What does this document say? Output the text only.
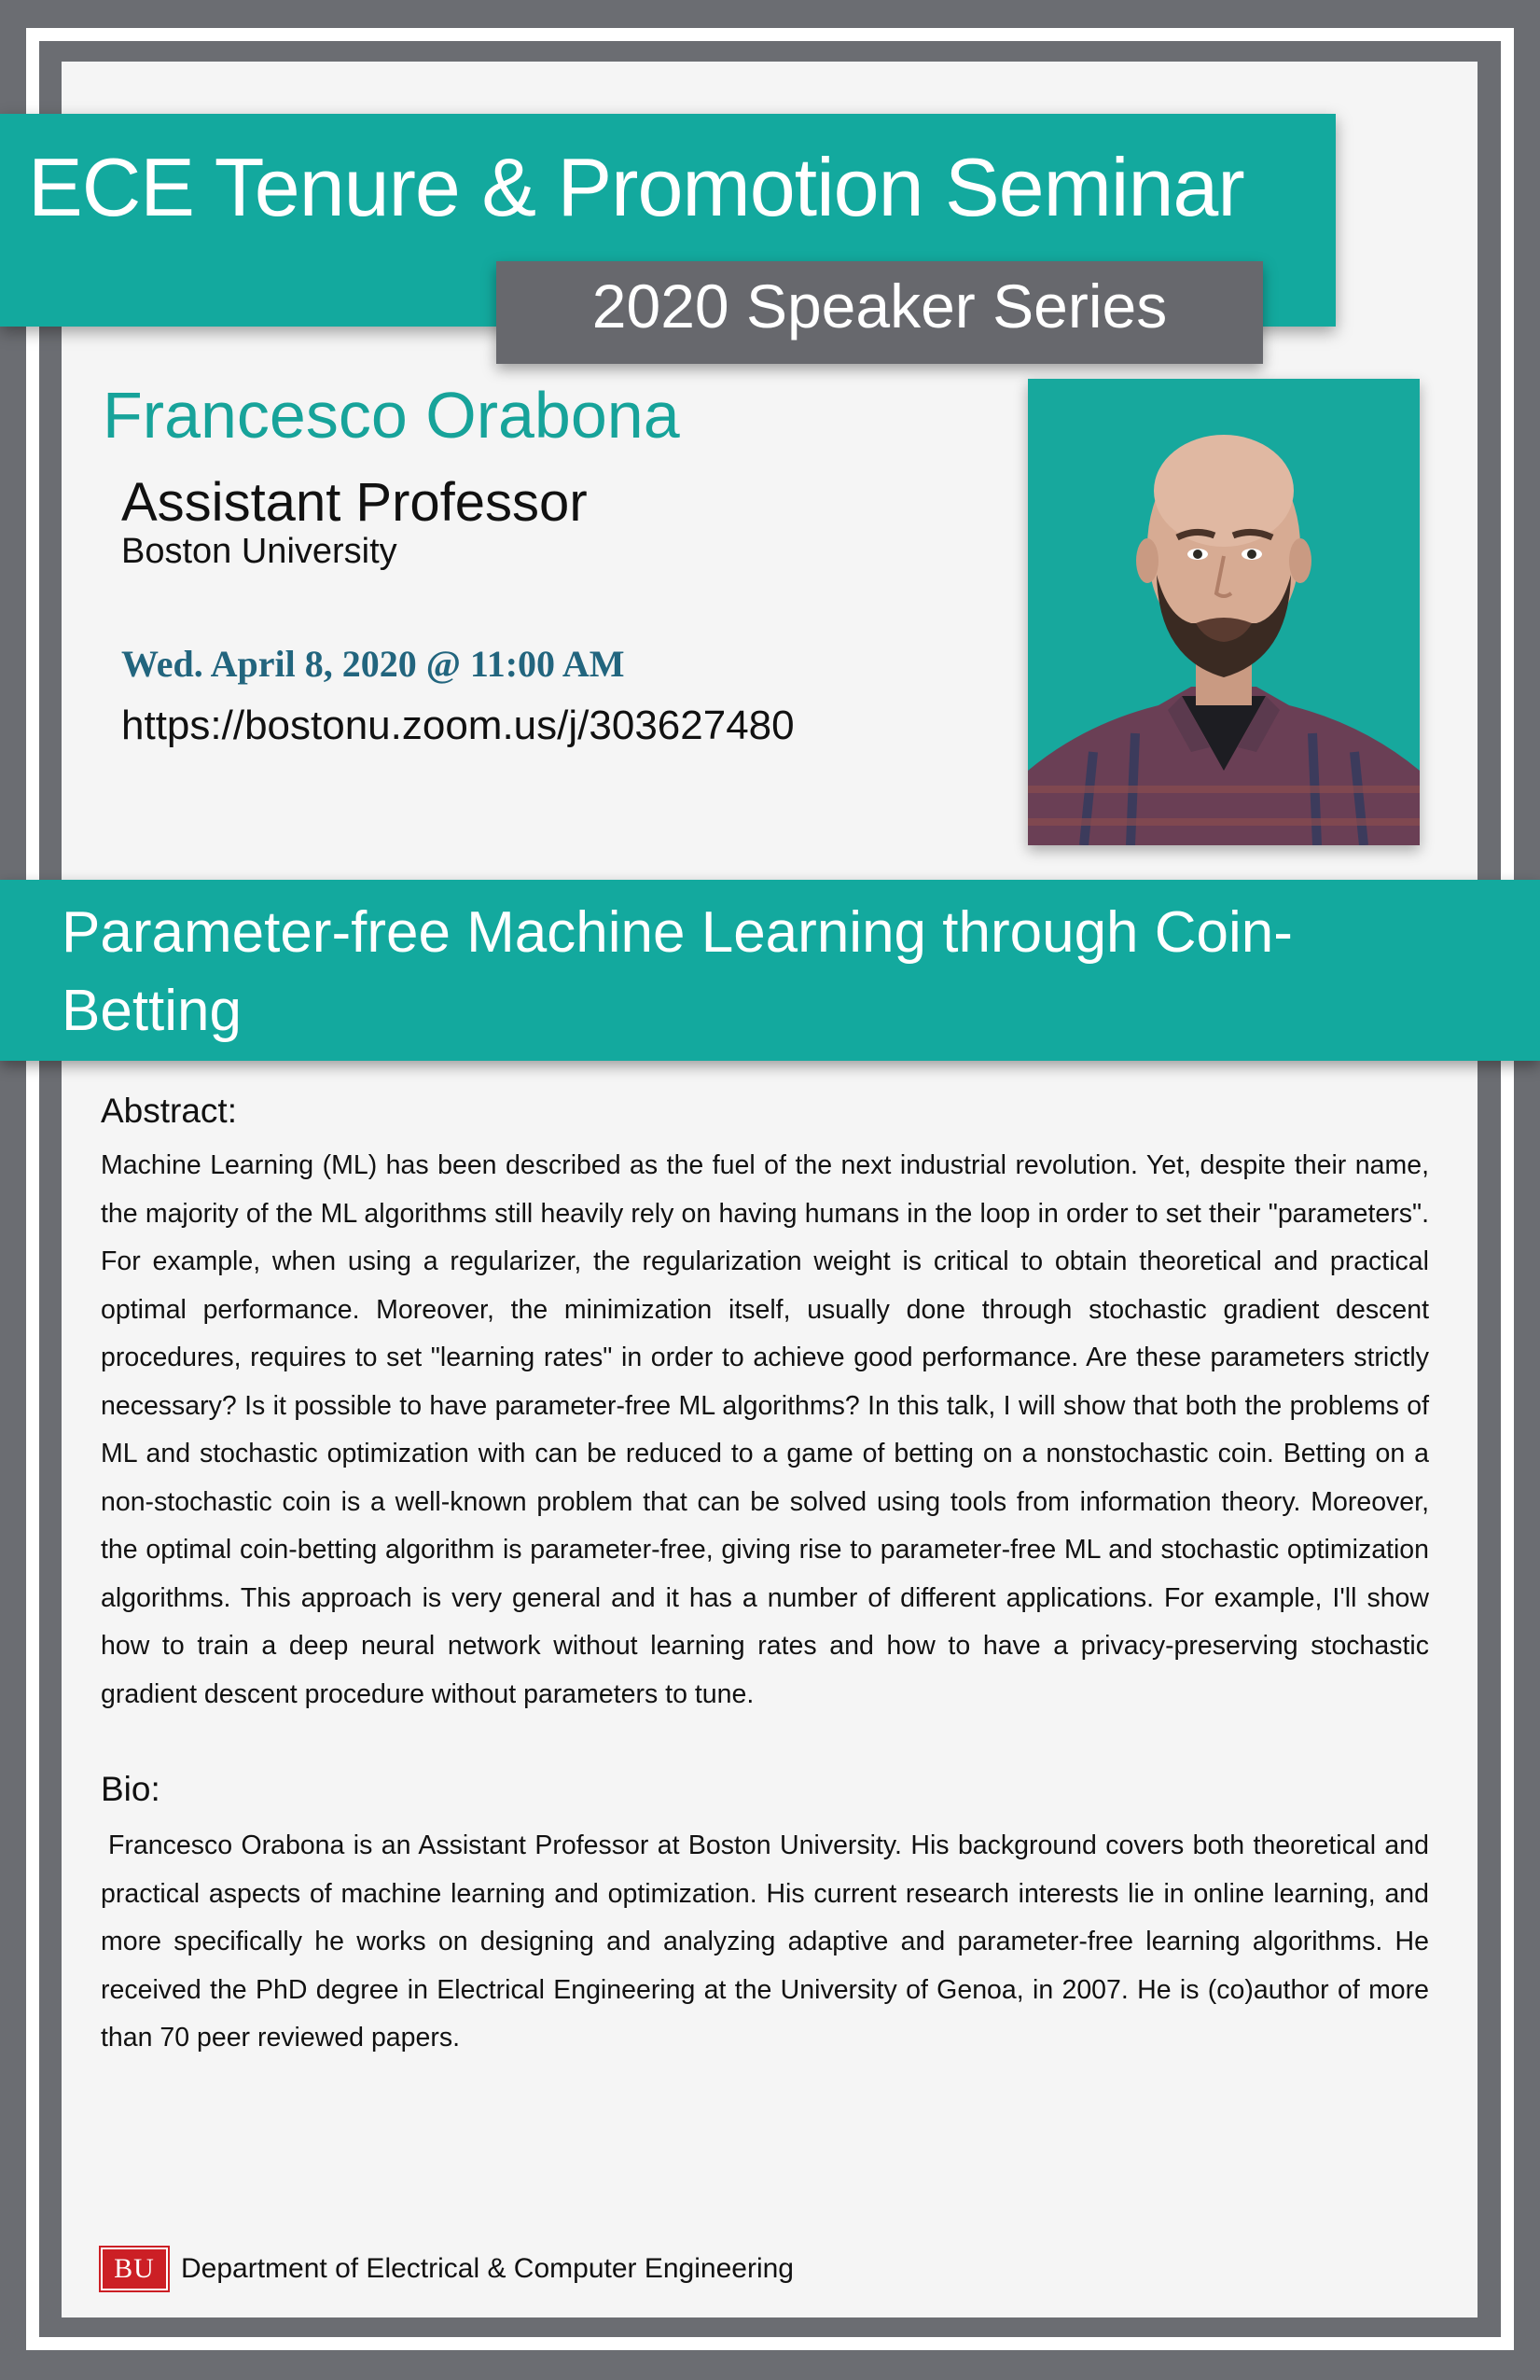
ECE Tenure & Promotion Seminar
2020 Speaker Series
Francesco Orabona
Assistant Professor
Boston University
Wed. April 8, 2020 @ 11:00 AM
https://bostonu.zoom.us/j/303627480
Parameter-free Machine Learning through Coin-Betting
Abstract:
Machine Learning (ML) has been described as the fuel of the next industrial revolution. Yet, despite their name, the majority of the ML algorithms still heavily rely on having humans in the loop in order to set their "parameters". For example, when using a regularizer, the regularization weight is critical to obtain theoretical and practical optimal performance. Moreover, the minimization itself, usually done through stochastic gradient descent procedures, requires to set "learning rates" in order to achieve good performance. Are these parameters strictly necessary? Is it possible to have parameter-free ML algorithms? In this talk, I will show that both the problems of ML and stochastic optimization with can be reduced to a game of betting on a nonstochastic coin. Betting on a non-stochastic coin is a well-known problem that can be solved using tools from information theory. Moreover, the optimal coin-betting algorithm is parameter-free, giving rise to parameter-free ML and stochastic optimization algorithms. This approach is very general and it has a number of different applications. For example, I'll show how to train a deep neural network without learning rates and how to have a privacy-preserving stochastic gradient descent procedure without parameters to tune.
Bio:
Francesco Orabona is an Assistant Professor at Boston University. His background covers both theoretical and practical aspects of machine learning and optimization. His current research interests lie in online learning, and more specifically he works on designing and analyzing adaptive and parameter-free learning algorithms. He received the PhD degree in Electrical Engineering at the University of Genoa, in 2007. He is (co)author of more than 70 peer reviewed papers.
BU Department of Electrical & Computer Engineering
